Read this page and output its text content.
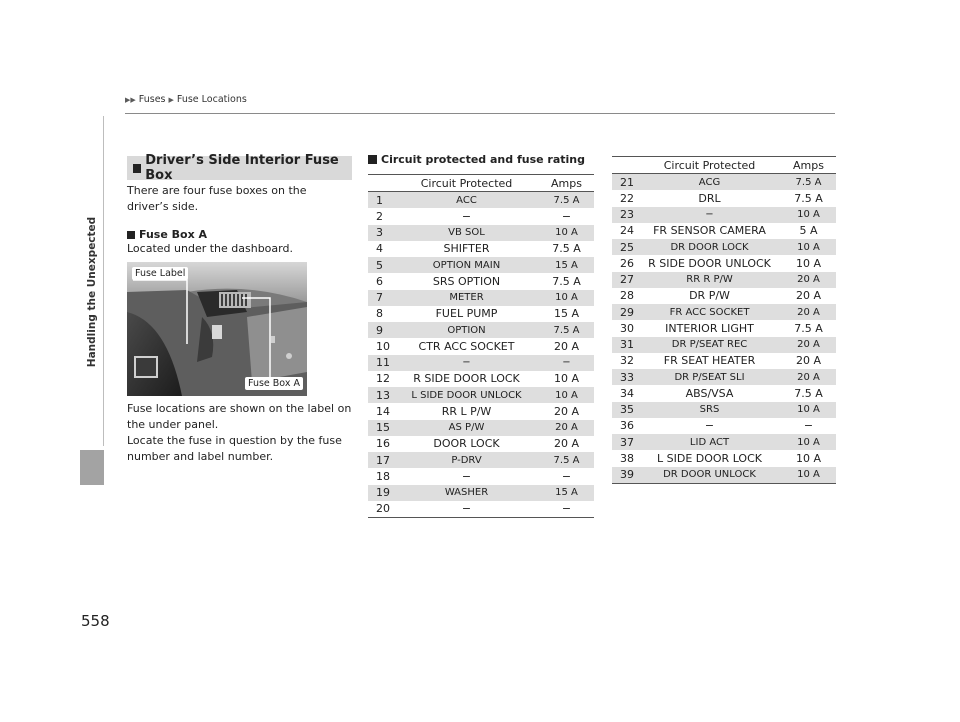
▶▶ Fuses ▶ Fuse Locations
Handling the Unexpected
558
Driver’s Side Interior Fuse Box
There are four fuse boxes on the driver’s side.
Fuse Box A
Located under the dashboard.
Fuse Label
Fuse Box A
Fuse locations are shown on the label on the under panel.
Locate the fuse in question by the fuse number and label number.
Circuit protected and fuse rating
Circuit Protected	Amps
1	ACC	7.5 A
2	−	−
3	VB SOL	10 A
4	SHIFTER	7.5 A
5	OPTION MAIN	15 A
6	SRS OPTION	7.5 A
7	METER	10 A
8	FUEL PUMP	15 A
9	OPTION	7.5 A
10	CTR ACC SOCKET	20 A
11	−	−
12	R SIDE DOOR LOCK	10 A
13	L SIDE DOOR UNLOCK	10 A
14	RR L P/W	20 A
15	AS P/W	20 A
16	DOOR LOCK	20 A
17	P-DRV	7.5 A
18	−	−
19	WASHER	15 A
20	−	−
Circuit Protected	Amps
21	ACG	7.5 A
22	DRL	7.5 A
23	−	10 A
24	FR SENSOR CAMERA	5 A
25	DR DOOR LOCK	10 A
26	R SIDE DOOR UNLOCK	10 A
27	RR R P/W	20 A
28	DR P/W	20 A
29	FR ACC SOCKET	20 A
30	INTERIOR LIGHT	7.5 A
31	DR P/SEAT REC	20 A
32	FR SEAT HEATER	20 A
33	DR P/SEAT SLI	20 A
34	ABS/VSA	7.5 A
35	SRS	10 A
36	−	−
37	LID ACT	10 A
38	L SIDE DOOR LOCK	10 A
39	DR DOOR UNLOCK	10 A
